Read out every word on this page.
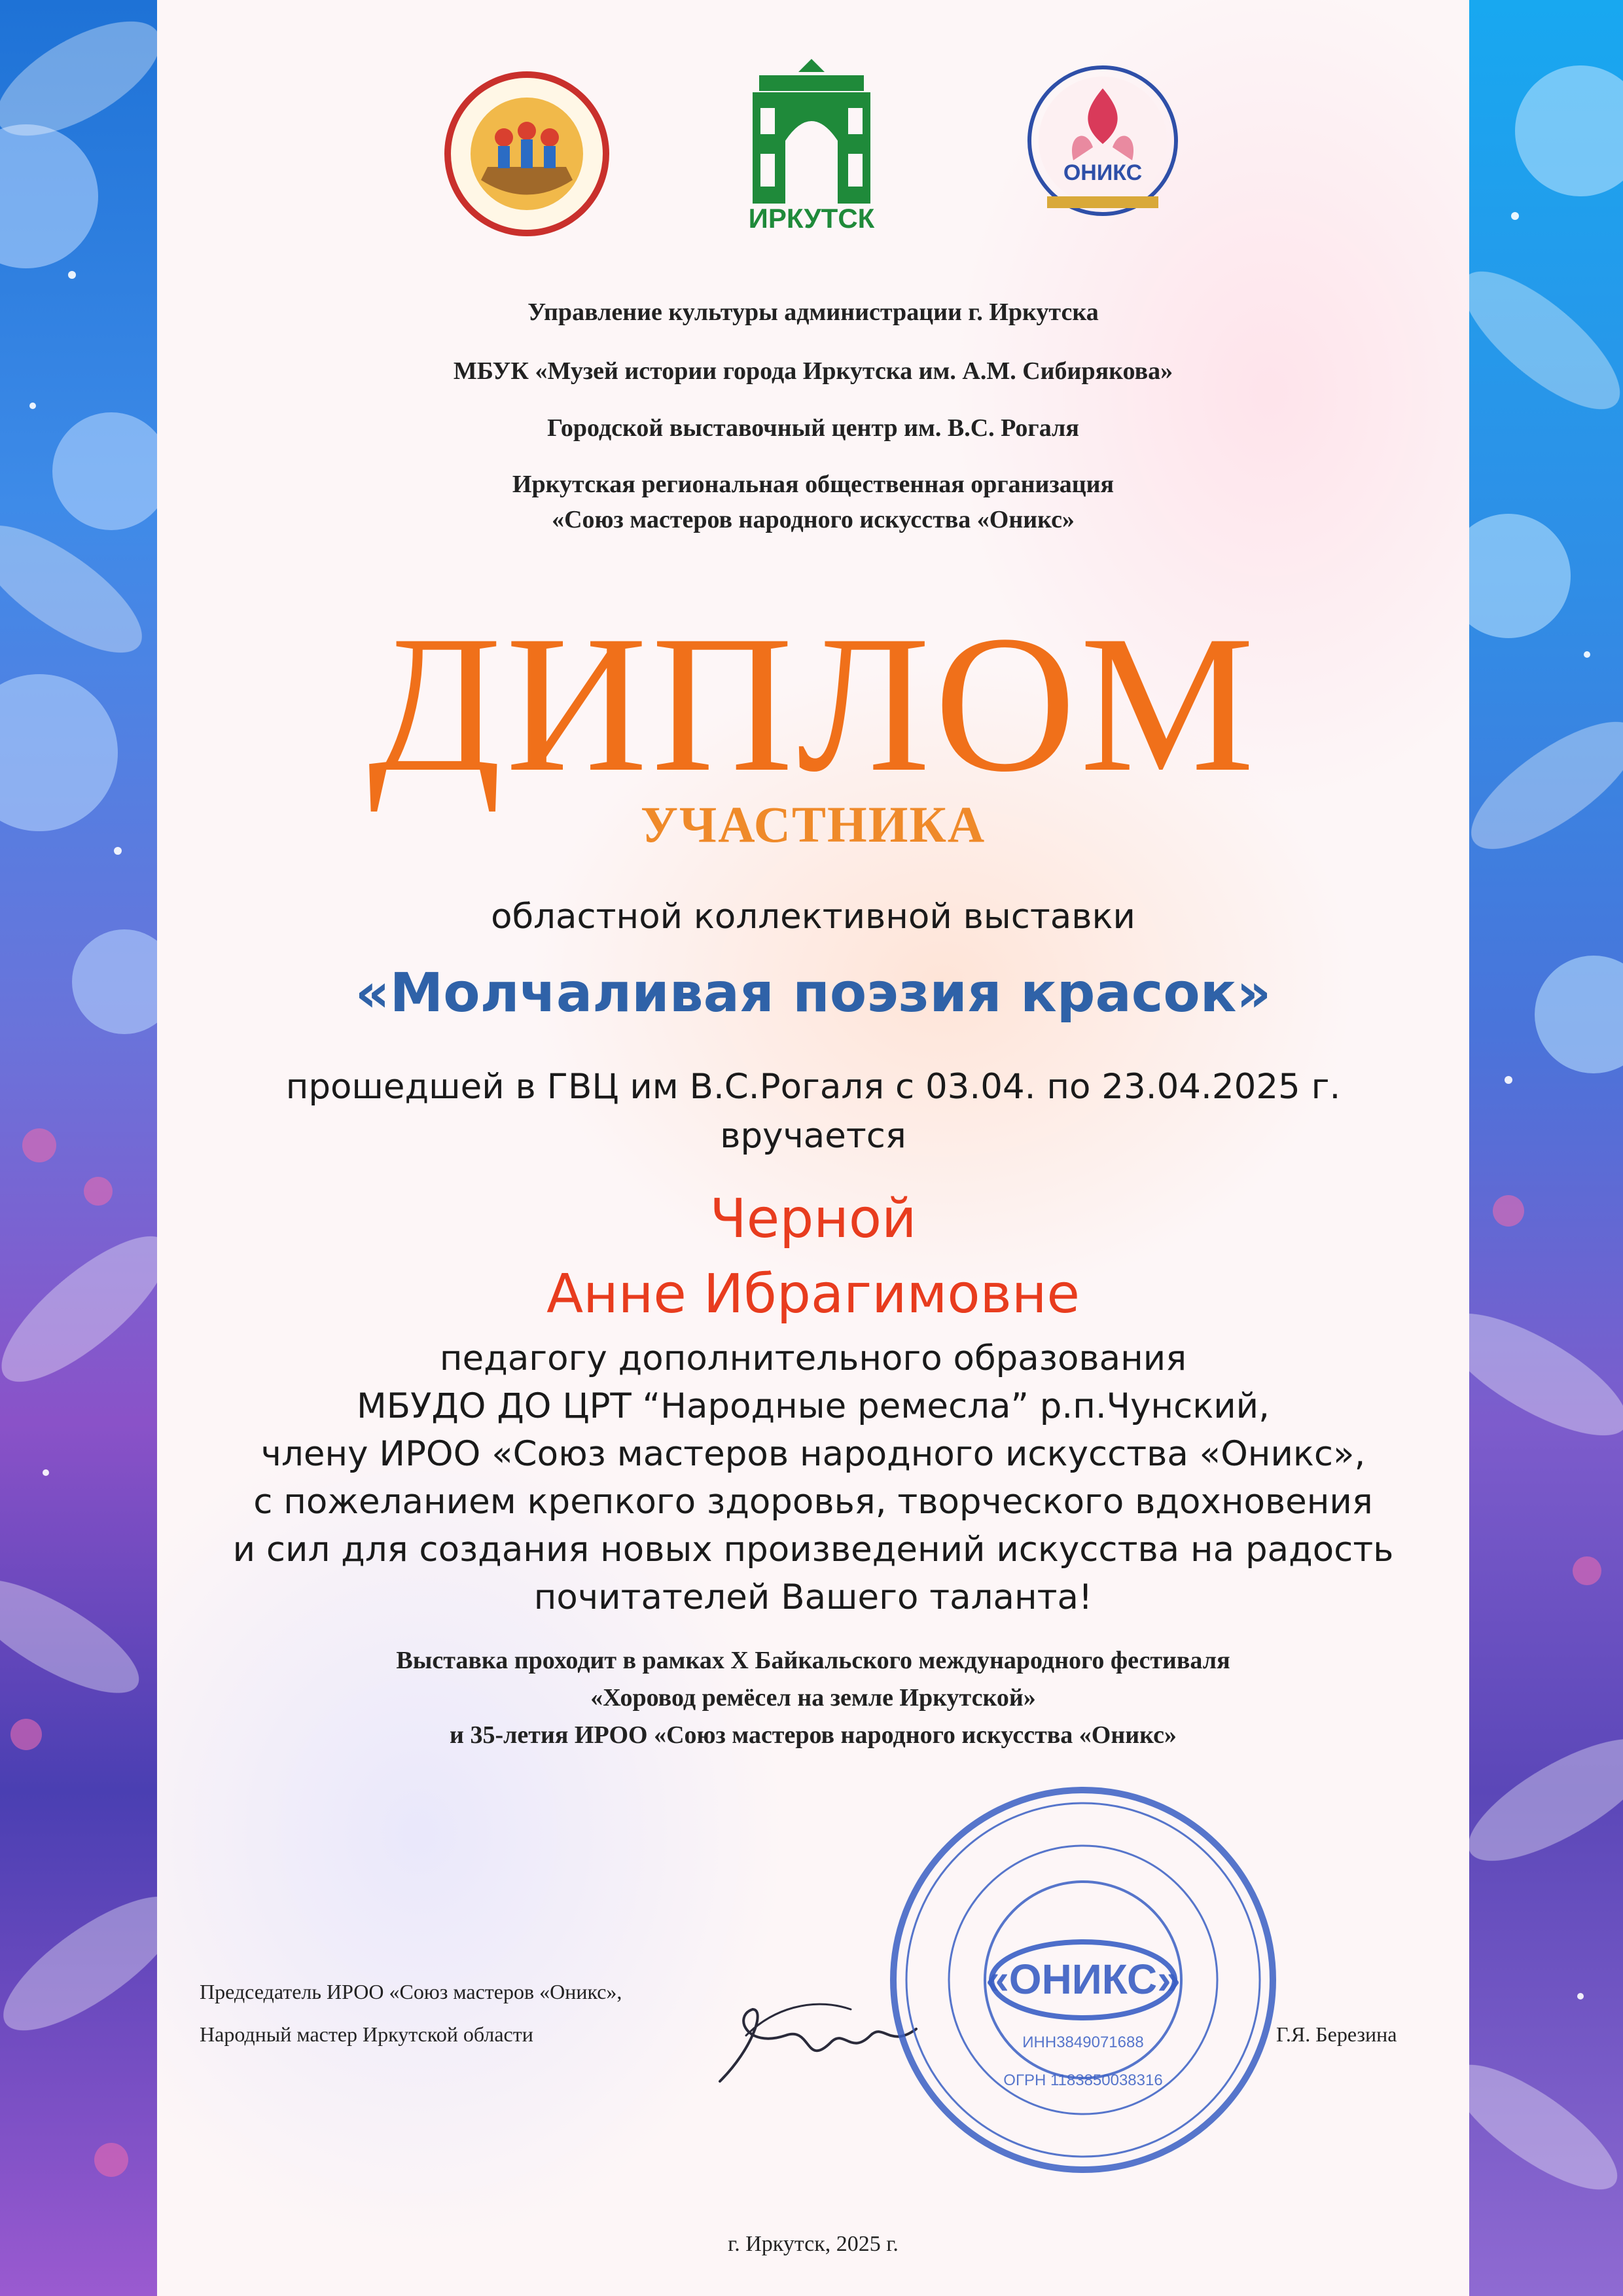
ИРКУТСК
ОНИКС
Управление культуры администрации г. Иркутска
МБУК «Музей истории города Иркутска им. А.М. Сибирякова»
Городской выставочный центр им. В.С. Рогаля
Иркутская региональная общественная организация
«Союз мастеров народного искусства «Оникс»
ДИПЛОМ
УЧАСТНИКА
областной коллективной выставки
«Молчаливая поэзия красок»
прошедшей в ГВЦ им В.С.Рогаля с 03.04. по 23.04.2025 г.
вручается
Черной
Анне Ибрагимовне
педагогу дополнительного образования
МБУДО ДО ЦРТ “Народные ремесла” р.п.Чунский,
члену ИРОО «Союз мастеров народного искусства «Оникс»,
с пожеланием крепкого здоровья, творческого вдохновения
и сил для создания новых произведений искусства на радость
почитателей Вашего таланта!
Выставка проходит в рамках X Байкальского международного фестиваля
«Хоровод ремёсел на земле Иркутской»
и 35-летия ИРОО «Союз мастеров народного искусства «Оникс»
Председатель ИРОО «Союз мастеров «Оникс»,
Народный мастер Иркутской области	Г.Я. Березина
«ОНИКС»
ИНН3849071688
ОГРН 1183850038316
г. Иркутск, 2025 г.
